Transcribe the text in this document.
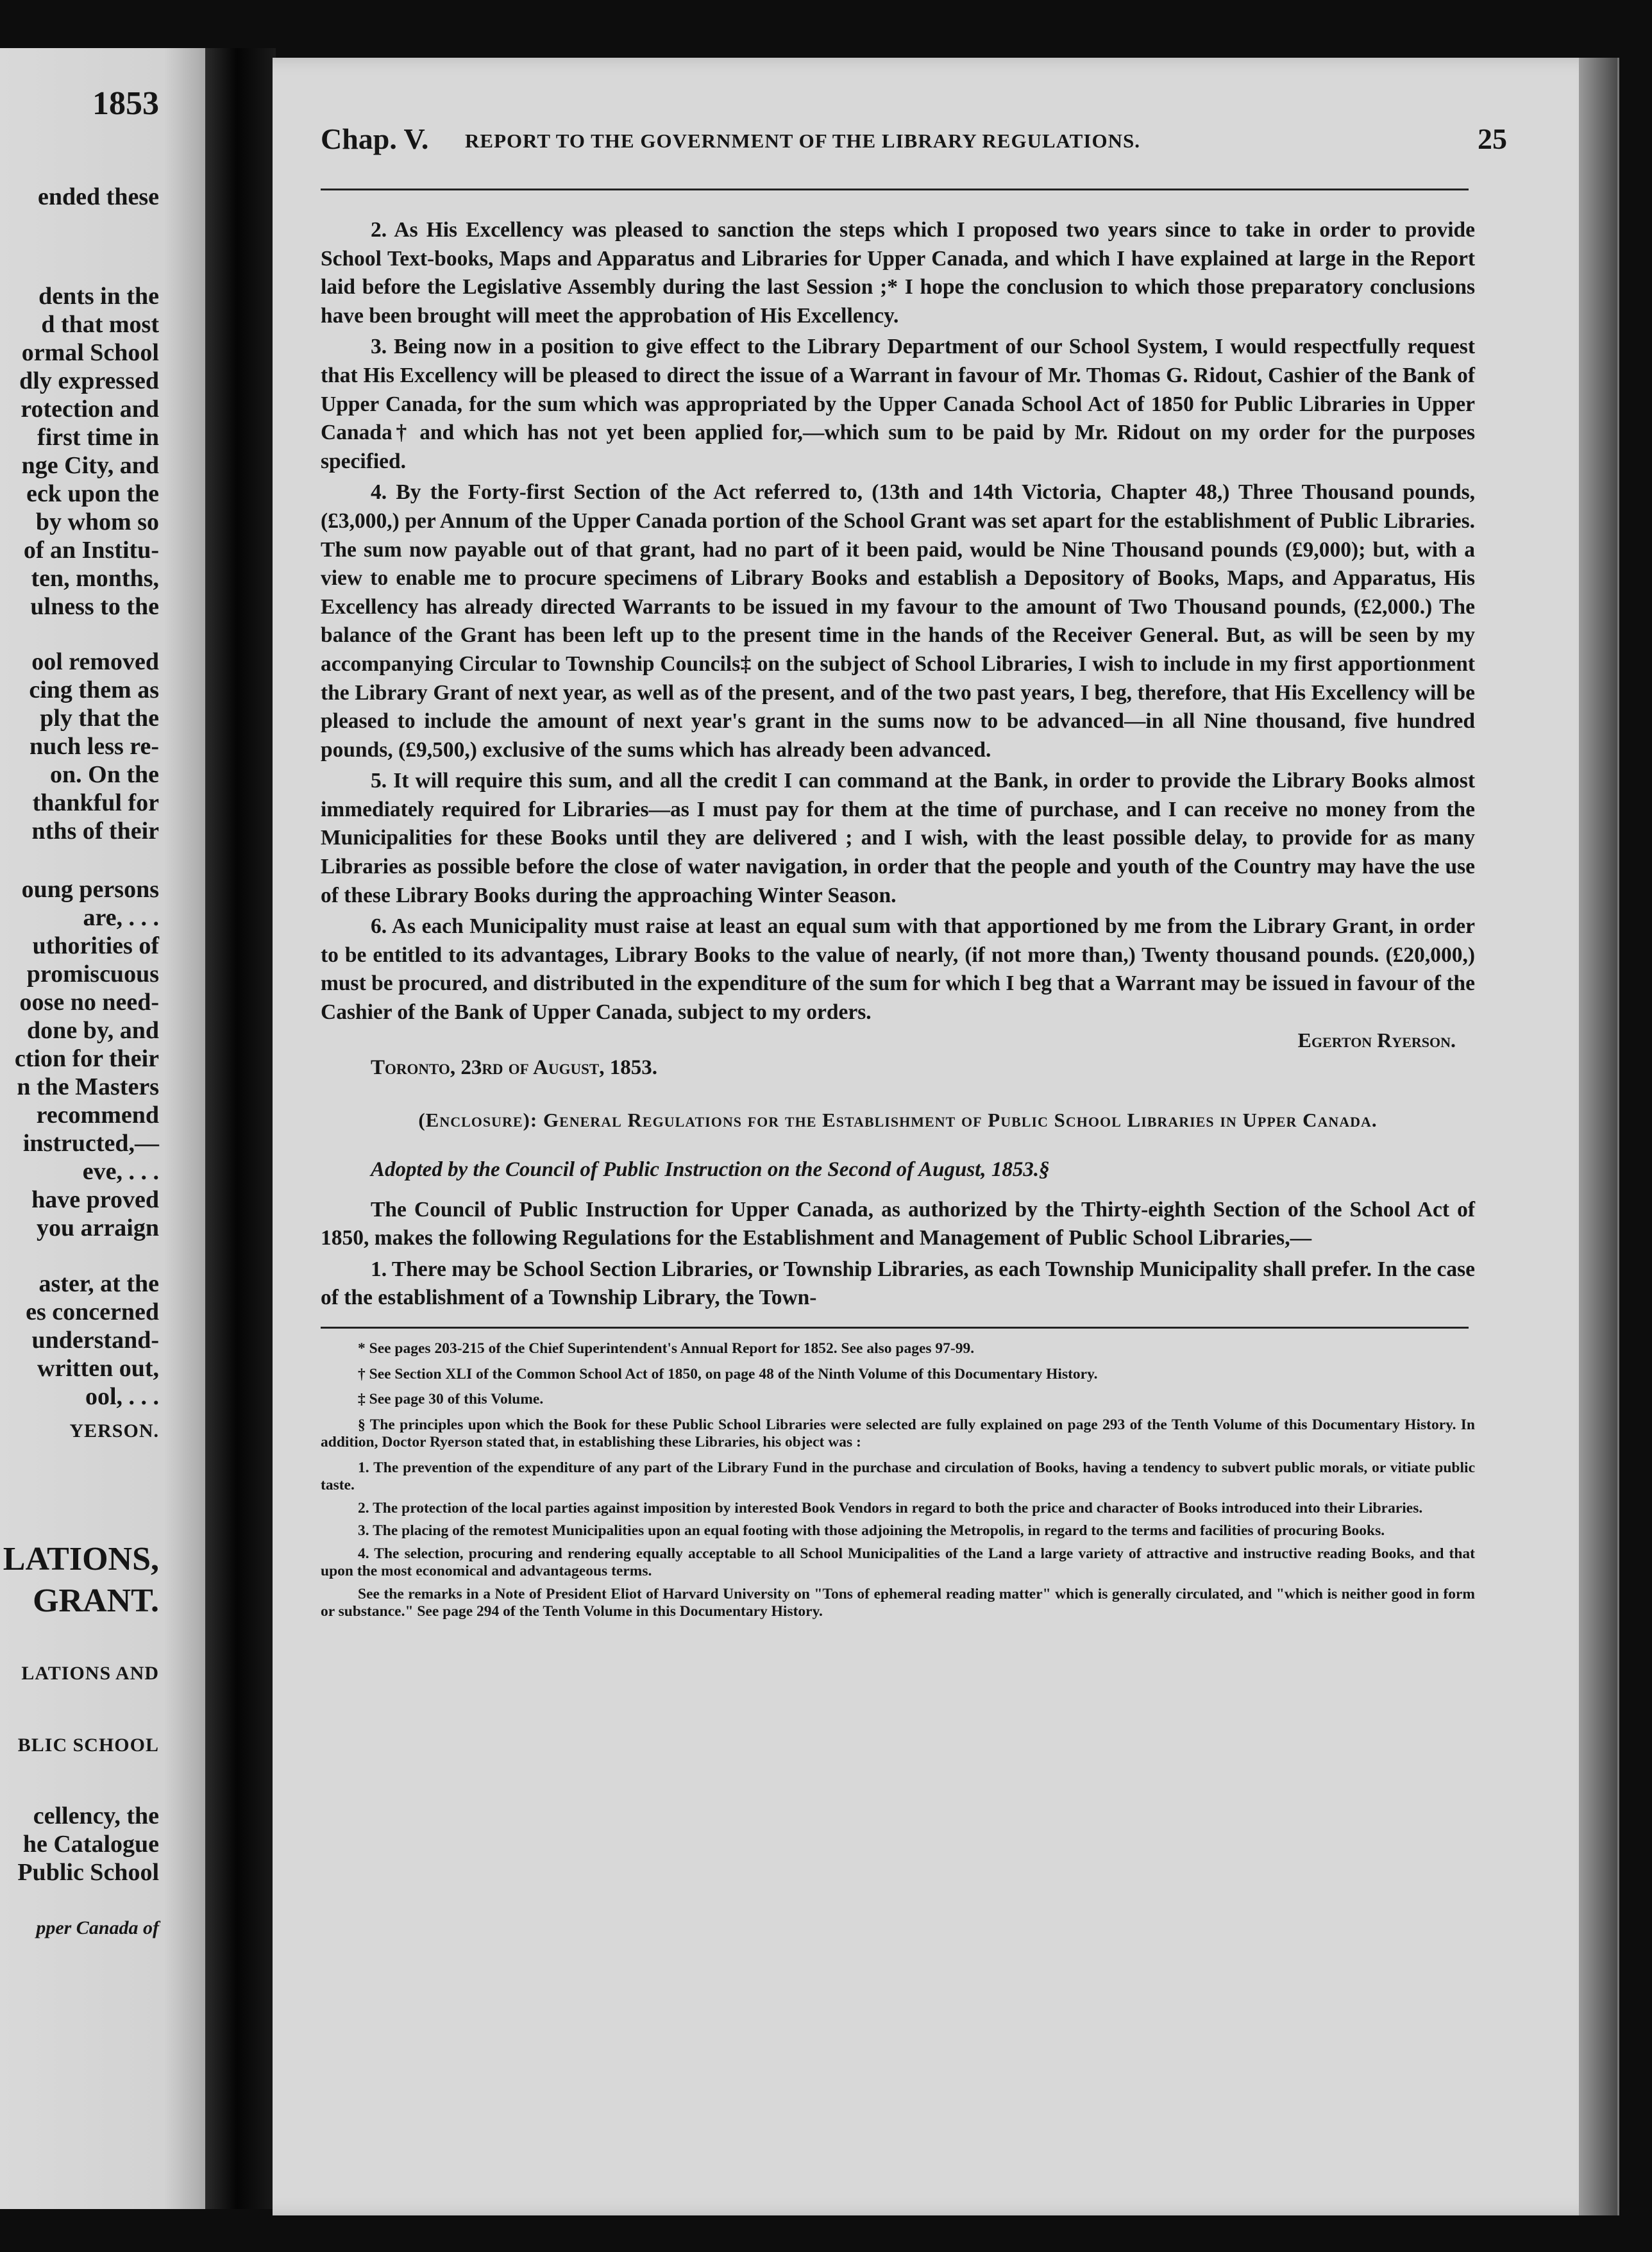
1853
ended these
dents in the
d that most
ormal School
dly expressed
rotection and
first time in
nge City, and
eck upon the
by whom so
of an Institu-
ten, months,
ulness to the
ool removed
cing them as
ply that the
nuch less re-
on. On the
thankful for
nths of their
oung persons
are, . . .
uthorities of
promiscuous
oose no need-
done by, and
ction for their
n the Masters
recommend
instructed,—
eve, . . .
have proved
you arraign
aster, at the
es concerned
understand-
written out,
ool, . . .
YERSON.
LATIONS,
GRANT.
LATIONS AND
BLIC SCHOOL
cellency, the
he Catalogue
Public School
pper Canada of
Chap. V. REPORT TO THE GOVERNMENT OF THE LIBRARY REGULATIONS.	25

2. As His Excellency was pleased to sanction the steps which I proposed two years since to take in order to provide School Text-books, Maps and Apparatus and Libraries for Upper Canada, and which I have explained at large in the Report laid before the Legislative Assembly during the last Session ;* I hope the conclusion to which those preparatory conclusions have been brought will meet the approbation of His Excellency.

3. Being now in a position to give effect to the Library Department of our School System, I would respectfully request that His Excellency will be pleased to direct the issue of a Warrant in favour of Mr. Thomas G. Ridout, Cashier of the Bank of Upper Canada, for the sum which was appropriated by the Upper Canada School Act of 1850 for Public Libraries in Upper Canada† and which has not yet been applied for,—which sum to be paid by Mr. Ridout on my order for the purposes specified.

4. By the Forty-first Section of the Act referred to, (13th and 14th Victoria, Chapter 48,) Three Thousand pounds, (£3,000,) per Annum of the Upper Canada portion of the School Grant was set apart for the establishment of Public Libraries. The sum now payable out of that grant, had no part of it been paid, would be Nine Thousand pounds (£9,000); but, with a view to enable me to procure specimens of Library Books and establish a Depository of Books, Maps, and Apparatus, His Excellency has already directed Warrants to be issued in my favour to the amount of Two Thousand pounds, (£2,000.) The balance of the Grant has been left up to the present time in the hands of the Receiver General. But, as will be seen by my accompanying Circular to Township Councils‡ on the subject of School Libraries, I wish to include in my first apportionment the Library Grant of next year, as well as of the present, and of the two past years, I beg, therefore, that His Excellency will be pleased to include the amount of next year's grant in the sums now to be advanced—in all Nine thousand, five hundred pounds, (£9,500,) exclusive of the sums which has already been advanced.

5. It will require this sum, and all the credit I can command at the Bank, in order to provide the Library Books almost immediately required for Libraries—as I must pay for them at the time of purchase, and I can receive no money from the Municipalities for these Books until they are delivered ; and I wish, with the least possible delay, to provide for as many Libraries as possible before the close of water navigation, in order that the people and youth of the Country may have the use of these Library Books during the approaching Winter Season.

6. As each Municipality must raise at least an equal sum with that apportioned by me from the Library Grant, in order to be entitled to its advantages, Library Books to the value of nearly, (if not more than,) Twenty thousand pounds. (£20,000,) must be procured, and distributed in the expenditure of the sum for which I beg that a Warrant may be issued in favour of the Cashier of the Bank of Upper Canada, subject to my orders.

Egerton Ryerson.
Toronto, 23rd of August, 1853.
(Enclosure): General Regulations for the Establishment of Public School Libraries in Upper Canada.
Adopted by the Council of Public Instruction on the Second of August, 1853.§

The Council of Public Instruction for Upper Canada, as authorized by the Thirty-eighth Section of the School Act of 1850, makes the following Regulations for the Establishment and Management of Public School Libraries,—

1. There may be School Section Libraries, or Township Libraries, as each Township Municipality shall prefer. In the case of the establishment of a Township Library, the Town-

* See pages 203-215 of the Chief Superintendent's Annual Report for 1852. See also pages 97-99.

† See Section XLI of the Common School Act of 1850, on page 48 of the Ninth Volume of this Documentary History.

‡ See page 30 of this Volume.

§ The principles upon which the Book for these Public School Libraries were selected are fully explained on page 293 of the Tenth Volume of this Documentary History. In addition, Doctor Ryerson stated that, in establishing these Libraries, his object was :

1. The prevention of the expenditure of any part of the Library Fund in the purchase and circulation of Books, having a tendency to subvert public morals, or vitiate public taste.

2. The protection of the local parties against imposition by interested Book Vendors in regard to both the price and character of Books introduced into their Libraries.

3. The placing of the remotest Municipalities upon an equal footing with those adjoining the Metropolis, in regard to the terms and facilities of procuring Books.

4. The selection, procuring and rendering equally acceptable to all School Municipalities of the Land a large variety of attractive and instructive reading Books, and that upon the most economical and advantageous terms.

See the remarks in a Note of President Eliot of Harvard University on "Tons of ephemeral reading matter" which is generally circulated, and "which is neither good in form or substance." See page 294 of the Tenth Volume in this Documentary History.
